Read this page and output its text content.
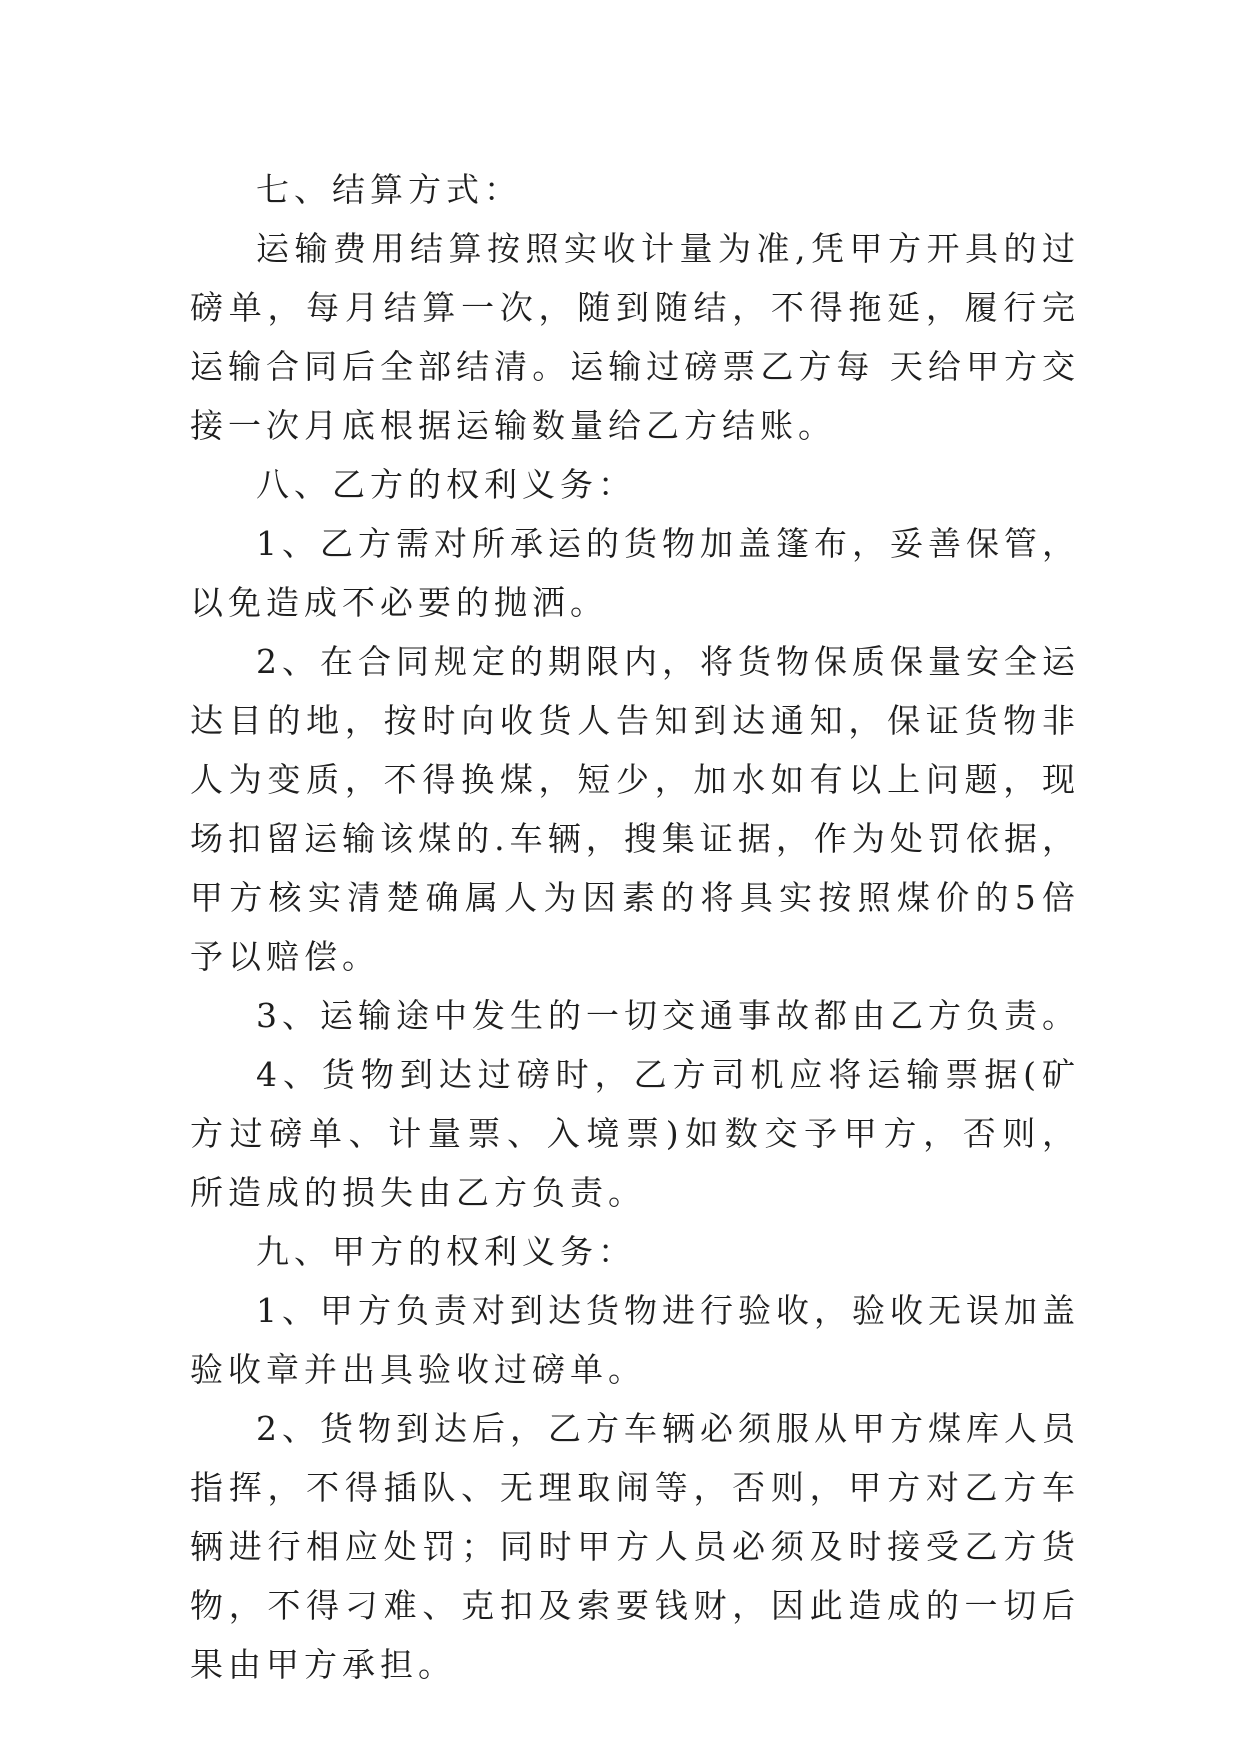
七、结算方式：

运输费用结算按照实收计量为准,凭甲方开具的过磅单，每月结算一次，随到随结，不得拖延，履行完运输合同后全部结清。运输过磅票乙方每 天给甲方交接一次月底根据运输数量给乙方结账。

八、乙方的权利义务：

1、乙方需对所承运的货物加盖篷布，妥善保管，以免造成不必要的抛洒。

2、在合同规定的期限内，将货物保质保量安全运达目的地，按时向收货人告知到达通知，保证货物非人为变质，不得换煤，短少，加水如有以上问题，现场扣留运输该煤的.车辆，搜集证据，作为处罚依据，甲方核实清楚确属人为因素的将具实按照煤价的5倍予以赔偿。

3、运输途中发生的一切交通事故都由乙方负责。

4、货物到达过磅时，乙方司机应将运输票据(矿方过磅单、计量票、入境票)如数交予甲方，否则，所造成的损失由乙方负责。

九、甲方的权利义务：

1、甲方负责对到达货物进行验收，验收无误加盖验收章并出具验收过磅单。

2、货物到达后，乙方车辆必须服从甲方煤库人员指挥，不得插队、无理取闹等，否则，甲方对乙方车辆进行相应处罚；同时甲方人员必须及时接受乙方货物，不得刁难、克扣及索要钱财，因此造成的一切后果由甲方承担。
